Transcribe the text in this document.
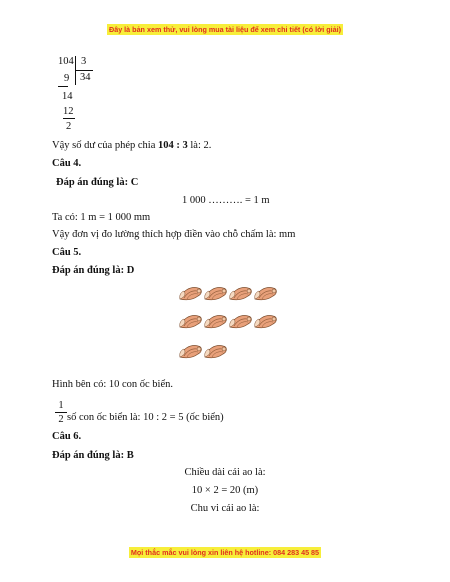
Đây là bản xem thử, vui lòng mua tài liệu để xem chi tiết (có lời giải)
104 3
34
9
14
12
2
Vậy số dư của phép chia 104 : 3 là: 2.
Câu 4.
Đáp án đúng là: C
1 000 ………. = 1 m
Ta có: 1 m = 1 000 mm
Vậy đơn vị đo lường thích hợp điền vào chỗ chấm là: mm
Câu 5.
Đáp án đúng là: D
Hình bên có: 10 con ốc biển.
1
2 số con ốc biển là: 10 : 2 = 5 (ốc biển)
Câu 6.
Đáp án đúng là: B
Chiều dài cái ao là:
10 × 2 = 20 (m)
Chu vi cái ao là:
Mọi thắc mắc vui lòng xin liên hệ hotline: 084 283 45 85
